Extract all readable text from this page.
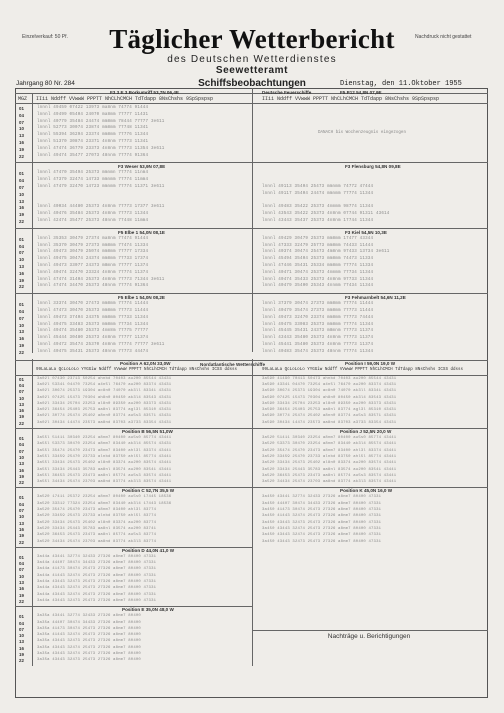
Einzelverkauf: 50 Pf.	Nachdruck nicht gestattet
Täglicher Wetterbericht
des Deutschen Wetterdienstes
Seewetteramt
Jahrgang 80 Nr. 284	Schiffsbeobachtungen	Dienstag, den 11.Oktober 1955
MGZ IIii Nddff VVwwW PPPTT NhCLhCMCH TdTdapp 8NsChshs 9SpSpspsp	IIii Nddff VVwwW PPPTT NhCLhCMCH TdTdapp 8NsChshs 9SpSpspsp
F3 3 E 3 Borkumriff 53,7N 06,4E
01	lnnnl 49459 07422 13973 ma8nm 74774 91444
04	lnnnl 49499 05404 24070 ma8mm 77777 11431
07	lnnnl 40779 35484 24474 mm8mm 78444 77777 3e611
10	lnnnl 52773 30074 23874 mm8mm 77748 11341
13	lnnnl 55394 36294 23374 mm8mm 77776 11344
16	lnnnl 51370 30874 23371 4n8nm 77773 11341
19	lnnnl 47474 36779 23373 4n8nm 77773 11354 3e611
22	lnnnl 49474 35477 27073 48nnm 77774 91364
F3 Weser 53,9N 07,8E
01	lnnnl 47470 35494 25373 mmnmn 77774 11nm4
04	lnnnl 47379 32474 14733 mmnmm 77774 11mm4
07	lnnnl 47479 32470 14723 mmnmm 77774 11371 3e611
10
13
16	lnnnl 40034 44480 25373 4n8nm 77773 17377 3e611
19	lnnnl 40476 35484 25373 4n8nm 77773 11344
22	lnnnl 42474 35477 25373 48nnm 77448 11mm4
F5 Elbe 1 54,0N 08,1E
01	lnnnl 35353 30479 27374 ma8nm 77474 91444
04	lnnnl 35370 30479 27373 mm8mm 77474 11334
07	lnnnl 49473 30479 25074 mm8mm 77777 17334
10	lnnnl 49475 30474 24374 mm8mm 77733 17374
13	lnnnl 49473 33077 24373 m8mnm 77777 11374
16	lnnnl 40474 32470 23324 4n8nm 77774 11374
19	lnnnl 47474 31404 25373 4n8nm 77773 71344 3e611
22	lnnnl 47474 34470 25373 48nnm 77774 91364
F5 Elbe 1 54,0N 08,2E
01	lnnnl 33374 30470 27473 mm8mm 77774 11444
04	lnnnl 47473 30470 25373 mm8mm 77773 11444
07	lnnnl 49473 37404 24375 mm8mm 77733 11344
10	lnnnl 49475 33483 25373 mm8mm 77734 11344
13	lnnnl 49474 35480 25373 4nm8m 77775 77777
16	lnnnl 45444 30480 25373 4n8nm 77777 11374
19	lnnnl 49472 35474 25370 4n8nm 77774 77777 3e611
22	lnnnl 40475 35431 25373 48nnm 77773 44474
Deutsche Feuerschiffe	F5 P12 54,8N 07,9E
DANACH bis Wochenzeugnis eingezogen
F3 Flensburg 54,8N 09,8E
lnnnl 49113 35404 25473 mmnmm 74772 47444
lnnnl 49117 35404 24474 mmnmm 77774 11344
lnnnl 49483 35422 25373 4nmmm 98774 11344
lnnnl 43543 35422 25373 4n8nm 07744 91311 43614
lnnnl 43443 35437 25373 4n8nm 17744 11344
F3 Kiel 54,5N 10,3E
lnnnl 49429 30479 25373 mm8mm 17477 43344
lnnnl 47333 32479 25773 mm8mm 74433 11444
lnnnl 40374 30474 25473 4m8nm 97433 13734 3e611
lnnnl 45494 35404 25373 mm8mm 74473 11334
lnnnl 47446 35431 25334 mm8mm 77774 11334
lnnnl 40471 30474 25373 4nmmm 77734 11344
lnnnl 40474 35433 25373 4n8nm 97733 11344
lnnnl 40479 35400 25343 4nnmm 77434 11344
F3 Fehmarnbelt 54,6N 11,2E
lnnnl 37379 30474 27373 mm8mm 77774 11444
lnnnl 40479 35474 27373 mm8mm 77773 11444
lnnnl 49473 32470 23374 mm8mm 77773 74444
lnnnl 49475 33083 25373 mm8mm 77774 11344
lnnnl 45445 35431 24373 m8mnm 77773 11374
lnnnl 43443 35480 25373 4n8nm 77773 11374
lnnnl 45441 35480 25373 4n8nm 77773 11374
lnnnl 40483 35474 25373 48nnm 77774 11344
Nordatlantische Wetterschiffe
99LaLaLa QcLoLoLo YYGGiw Nddff VVwwW PPPTT NhCLhCMCH TdTdapp 8NsChshs ICSS ddsss	99LaLaLa QcLoLoLo YYGGiw Nddff VVwwW PPPTT NhCLhCMCH TdTdapp 8NsChshs ICSS ddsss
Position A 62,0N 33,0W
01	3a02l 07430 23713 50254 ahnbd 70403 au200 85544 43431
04	3a02l 53341 04470 73254 a4n5l 76470 au200 83374 43431
07	3a02l 30674 25373 19304 ac8n0 74070 ak3ll 83341 43431
10	3a02l 07425 15473 70304 ah8n0 80450 ak3l4 83543 43431
13	3a02l 33434 25704 23253 al8n0 89350 au200 83373 43431
16	3a02l 36454 25403 25753 aa8nl 83774 agl3l 85310 43431
19	3a02l 30774 25474 25402 a8nn0 83774 au5s3 83571 43431
22	3a02l 30434 14474 23573 aa8nd 83703 a3733 83354 43431
Position B 56,5N 51,0W
01	3a55l 51411 30340 23254 a8nm7 80400 au5s0 85774 43441
04	3a55l 53373 30470 23254 a8nm7 83440 ak3l4 85574 43431
07	3a55l 35474 25470 23473 a8nm7 83400 ahl3l 83374 43441
10	3a55l 33459 25470 23733 alnbd 83750 ahl5l 85774 43441
13	3a55l 33434 25473 25402 al8n0 83374 au200 83574 43441
16	3a55l 33434 25443 35783 aa8nl 83574 au200 83541 43441
19	3a55l 36453 25473 23473 aa8nl 85774 au5s3 83574 43441
22	3a55l 34434 25474 23703 aa8nd 83774 ak3l3 83574 43441
Position C 52,7N 35,5 W
01	3a520 17411 25372 23254 a8nm7 80400 au5s0 17445 18536
04	3a520 33312 77324 23254 a8nm7 83440 ak3l4 17443 18536
07	3a520 35474 25470 23473 a8nm7 83400 ahl3l 83774
10	3a520 33459 25473 23733 alnbd 83750 ahl5l 83774
13	3a520 33434 25473 25402 al8n0 83374 au200 83774
16	3a520 33434 25443 35783 aa8nl 83574 au200 83741
19	3a520 36453 25473 23473 aa8nl 85774 au5s3 83774
22	3a520 34434 25474 23703 aa8nd 83774 ak3l3 83774
Position D 44,0N 41,0 W
01	3a44a 43441 32774 32433 27326 a8nm7 80400 47331
04	3a44a 44407 30474 34433 27326 a8nm7 80400 47331
07	3a44a 41473 30474 25473 27326 a8nm7 80400 47331
10	3a44a 41443 32474 25473 27326 a8nm7 80400 47331
13	3a44a 43443 32473 25473 27326 a8nm7 80400 47331
16	3a44a 43443 32474 25473 27326 a8nm7 80400 47331
19	3a44a 43443 32474 25473 27326 a8nm7 80400 47331
22	3a44a 43443 32473 25473 27326 a8nm7 80400 47331
Position E 35,0N 48,0 W
01	3a35a 43441 32774 32433 27326 a8nm7 80400
04	3a35a 44407 30474 34433 27326 a8nm7 80400
07	3a35a 41473 30474 25473 27326 a8nm7 80400
10	3a35a 41443 32474 25473 27326 a8nm7 80400
13	3a35a 43443 32473 25473 27326 a8nm7 80400
16	3a35a 43443 32474 25473 27326 a8nm7 80400
19	3a35a 43443 32474 25473 27326 a8nm7 80400
22	3a35a 43443 32473 25473 27326 a8nm7 80400
Position I 59,0N 19,0 W
3a590 41490 70413 50473 ahnbd 70403 au200 85544 43431
3a590 43341 04470 73254 a4n5l 76470 au200 83374 43431
3a590 30674 25373 19304 ac8n0 74070 ak3ll 83341 43431
3a590 07425 15473 70304 ah8n0 80450 ak3l4 83543 43431
3a590 33434 25704 23253 al8n0 89350 au200 83373 43431
3a590 36454 25403 25753 aa8nl 83774 agl3l 85310 43431
3a590 30774 25474 25402 a8nn0 83774 au5s3 83571 43431
3a590 30434 14474 23573 aa8nd 83703 a3733 83354 43431
Position J 52,5N 20,0 W
3a520 51411 30340 23254 a8nm7 80400 au5s0 85774 43441
3a520 53373 30470 23254 a8nm7 83440 ak3l4 85574 43441
3a520 35474 25470 23473 a8nm7 83400 ahl3l 83374 43441
3a520 33459 25470 23733 alnbd 83750 ahl5l 85774 43441
3a520 33434 25473 25402 al8n0 83374 au200 83574 43441
3a520 33434 25443 35783 aa8nl 83574 au200 83541 43441
3a520 36453 25473 23473 aa8nl 85774 au5s3 83574 43441
3a520 34434 25474 23703 aa8nd 83774 ak3l3 83574 43441
Position K 45,0N 16,0 W
3a450 43441 32774 32433 27326 a8nm7 80400 47331
3a450 44407 30474 34433 27326 a8nm7 80400 47331
3a450 41473 30474 25473 27326 a8nm7 80400 47331
3a450 41443 32474 25473 27326 a8nm7 80400 47331
3a450 43443 32473 25473 27326 a8nm7 80400 47331
3a450 43443 32474 25473 27326 a8nm7 80400 47331
3a450 43443 32474 25473 27326 a8nm7 80400 47331
3a450 43443 32473 25473 27326 a8nm7 80400 47331
Nachträge u. Berichtigungen
